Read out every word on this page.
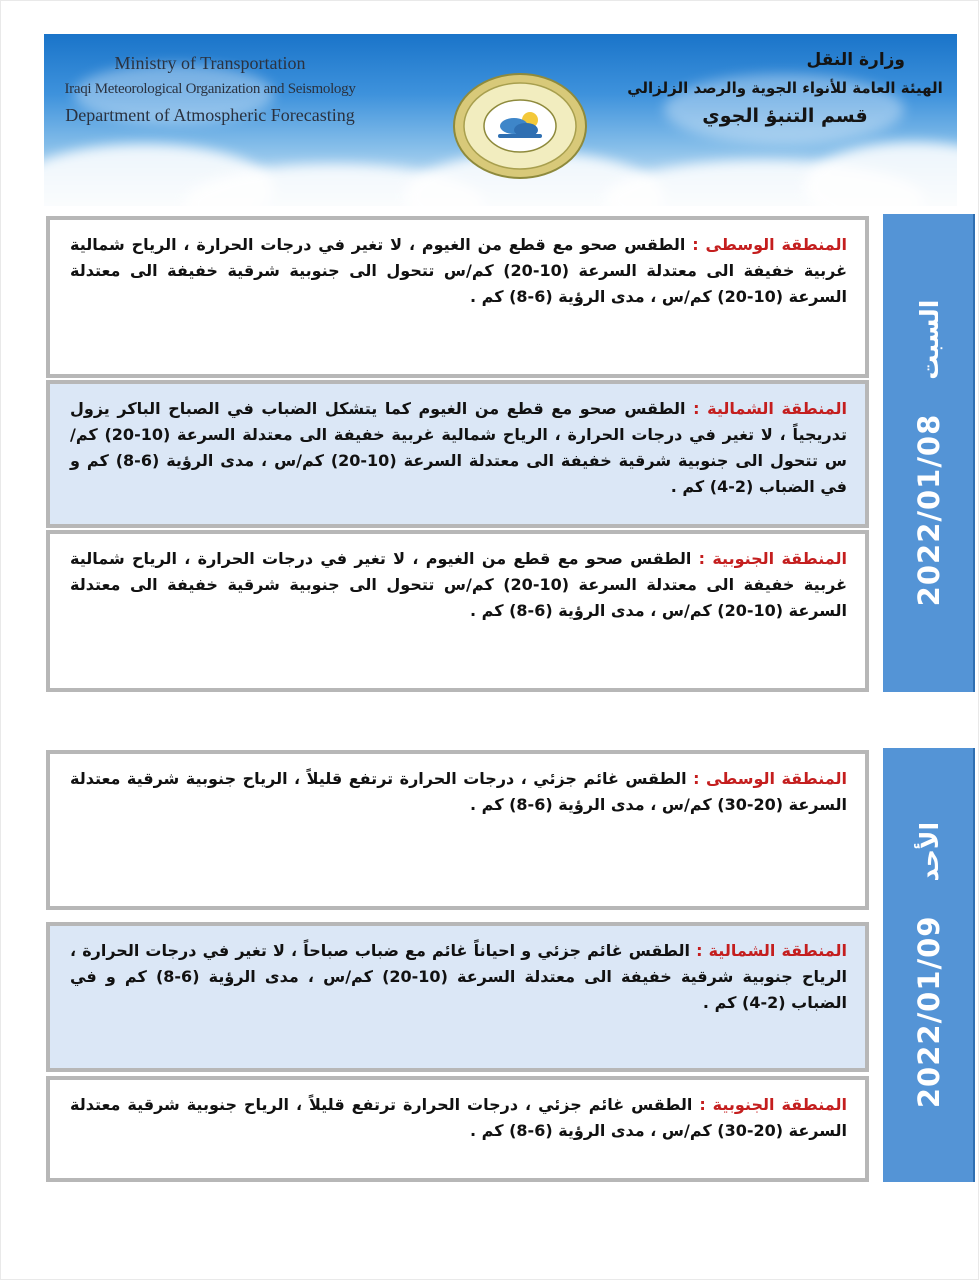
Ministry of Transportation
Iraqi Meteorological Organization and Seismology
Department of Atmospheric Forecasting
وزارة النقل
الهيئة العامة للأنواء الجوية والرصد الزلزالي
قسم التنبؤ الجوي
المنطقة الوسطى : الطقس صحو مع قطع من الغيوم ، لا تغير في درجات الحرارة ، الرياح شمالية غربية خفيفة الى معتدلة السرعة (10-20) كم/س تتحول الى جنوبية شرقية خفيفة الى معتدلة السرعة (10-20) كم/س ، مدى الرؤية (6-8) كم .
المنطقة الشمالية : الطقس صحو مع قطع من الغيوم كما يتشكل الضباب في الصباح الباكر يزول تدريجياً ، لا تغير في درجات الحرارة ، الرياح شمالية غربية خفيفة الى معتدلة السرعة (10-20) كم/س تتحول الى جنوبية شرقية خفيفة الى معتدلة السرعة (10-20) كم/س ، مدى الرؤية (6-8) كم و في الضباب (2-4) كم .
المنطقة الجنوبية : الطقس صحو مع قطع من الغيوم ، لا تغير في درجات الحرارة ، الرياح شمالية غربية خفيفة الى معتدلة السرعة (10-20) كم/س تتحول الى جنوبية شرقية خفيفة الى معتدلة السرعة (10-20) كم/س ، مدى الرؤية (6-8) كم .
2022/01/08
السبت
المنطقة الوسطى : الطقس غائم جزئي ، درجات الحرارة ترتفع قليلاً ، الرياح جنوبية شرقية معتدلة السرعة (20-30) كم/س ، مدى الرؤية (6-8) كم .
المنطقة الشمالية : الطقس غائم جزئي و احياناً غائم مع ضباب صباحاً ، لا تغير في درجات الحرارة ، الرياح جنوبية شرقية خفيفة الى معتدلة السرعة (10-20) كم/س ، مدى الرؤية (6-8) كم و في الضباب (2-4) كم .
المنطقة الجنوبية : الطقس غائم جزئي ، درجات الحرارة ترتفع قليلاً ، الرياح جنوبية شرقية معتدلة السرعة (20-30) كم/س ، مدى الرؤية (6-8) كم .
2022/01/09
الأحد
